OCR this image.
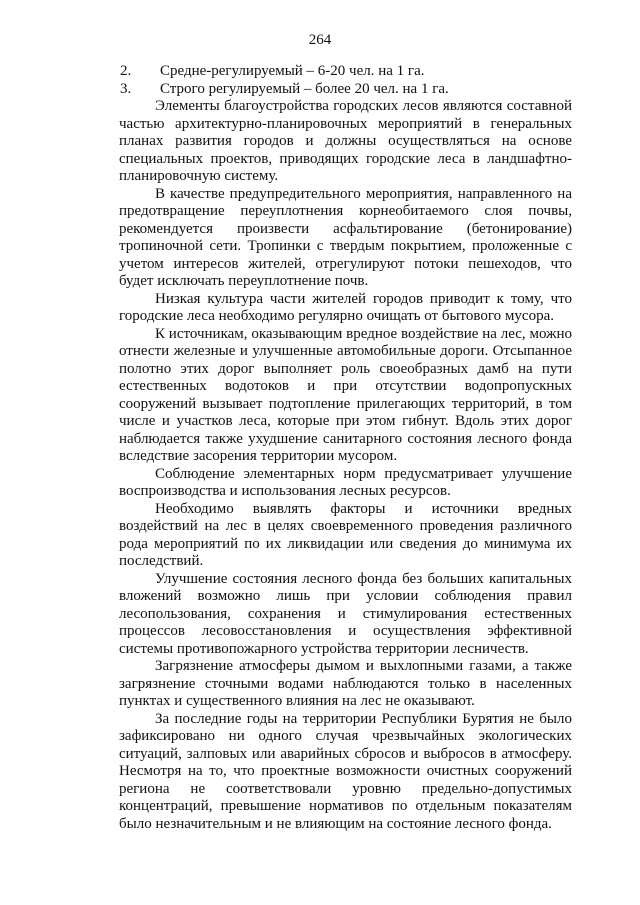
264
2.	Средне-регулируемый – 6-20 чел. на 1 га.
3.	Строго регулируемый – более 20 чел. на 1 га.

Элементы благоустройства городских лесов являются составной частью архитектурно-планировочных мероприятий в генеральных планах развития городов и должны осуществляться на основе специальных проектов, приводящих городские леса в ландшафтно-планировочную систему.

В качестве предупредительного мероприятия, направленного на предотвращение переуплотнения корнеобитаемого слоя почвы, рекомендуется произвести асфальтирование (бетонирование) тропиночной сети. Тропинки с твердым покрытием, проложенные с учетом интересов жителей, отрегулируют потоки пешеходов, что будет исключать переуплотнение почв.

Низкая культура части жителей городов приводит к тому, что городские леса необходимо регулярно очищать от бытового мусора.

К источникам, оказывающим вредное воздействие на лес, можно отнести железные и улучшенные автомобильные дороги. Отсыпанное полотно этих дорог выполняет роль своеобразных дамб на пути естественных водотоков и при отсутствии водопропускных сооружений вызывает подтопление прилегающих территорий, в том числе и участков леса, которые при этом гибнут. Вдоль этих дорог наблюдается также ухудшение санитарного состояния лесного фонда вследствие засорения территории мусором.

Соблюдение элементарных норм предусматривает улучшение воспроизводства и использования лесных ресурсов.

Необходимо выявлять факторы и источники вредных воздействий на лес в целях своевременного проведения различного рода мероприятий по их ликвидации или сведения до минимума их последствий.

Улучшение состояния лесного фонда без больших капитальных вложений возможно лишь при условии соблюдения правил лесопользования, сохранения и стимулирования естественных процессов лесовосстановления и осуществления эффективной системы противопожарного устройства территории лесничеств.

Загрязнение атмосферы дымом и выхлопными газами, а также загрязнение сточными водами наблюдаются только в населенных пунктах и существенного влияния на лес не оказывают.

За последние годы на территории Республики Бурятия не было зафиксировано ни одного случая чрезвычайных экологических ситуаций, залповых или аварийных сбросов и выбросов в атмосферу. Несмотря на то, что проектные возможности очистных сооружений региона не соответствовали уровню предельно-допустимых концентраций, превышение нормативов по отдельным показателям было незначительным и не влияющим на состояние лесного фонда.
